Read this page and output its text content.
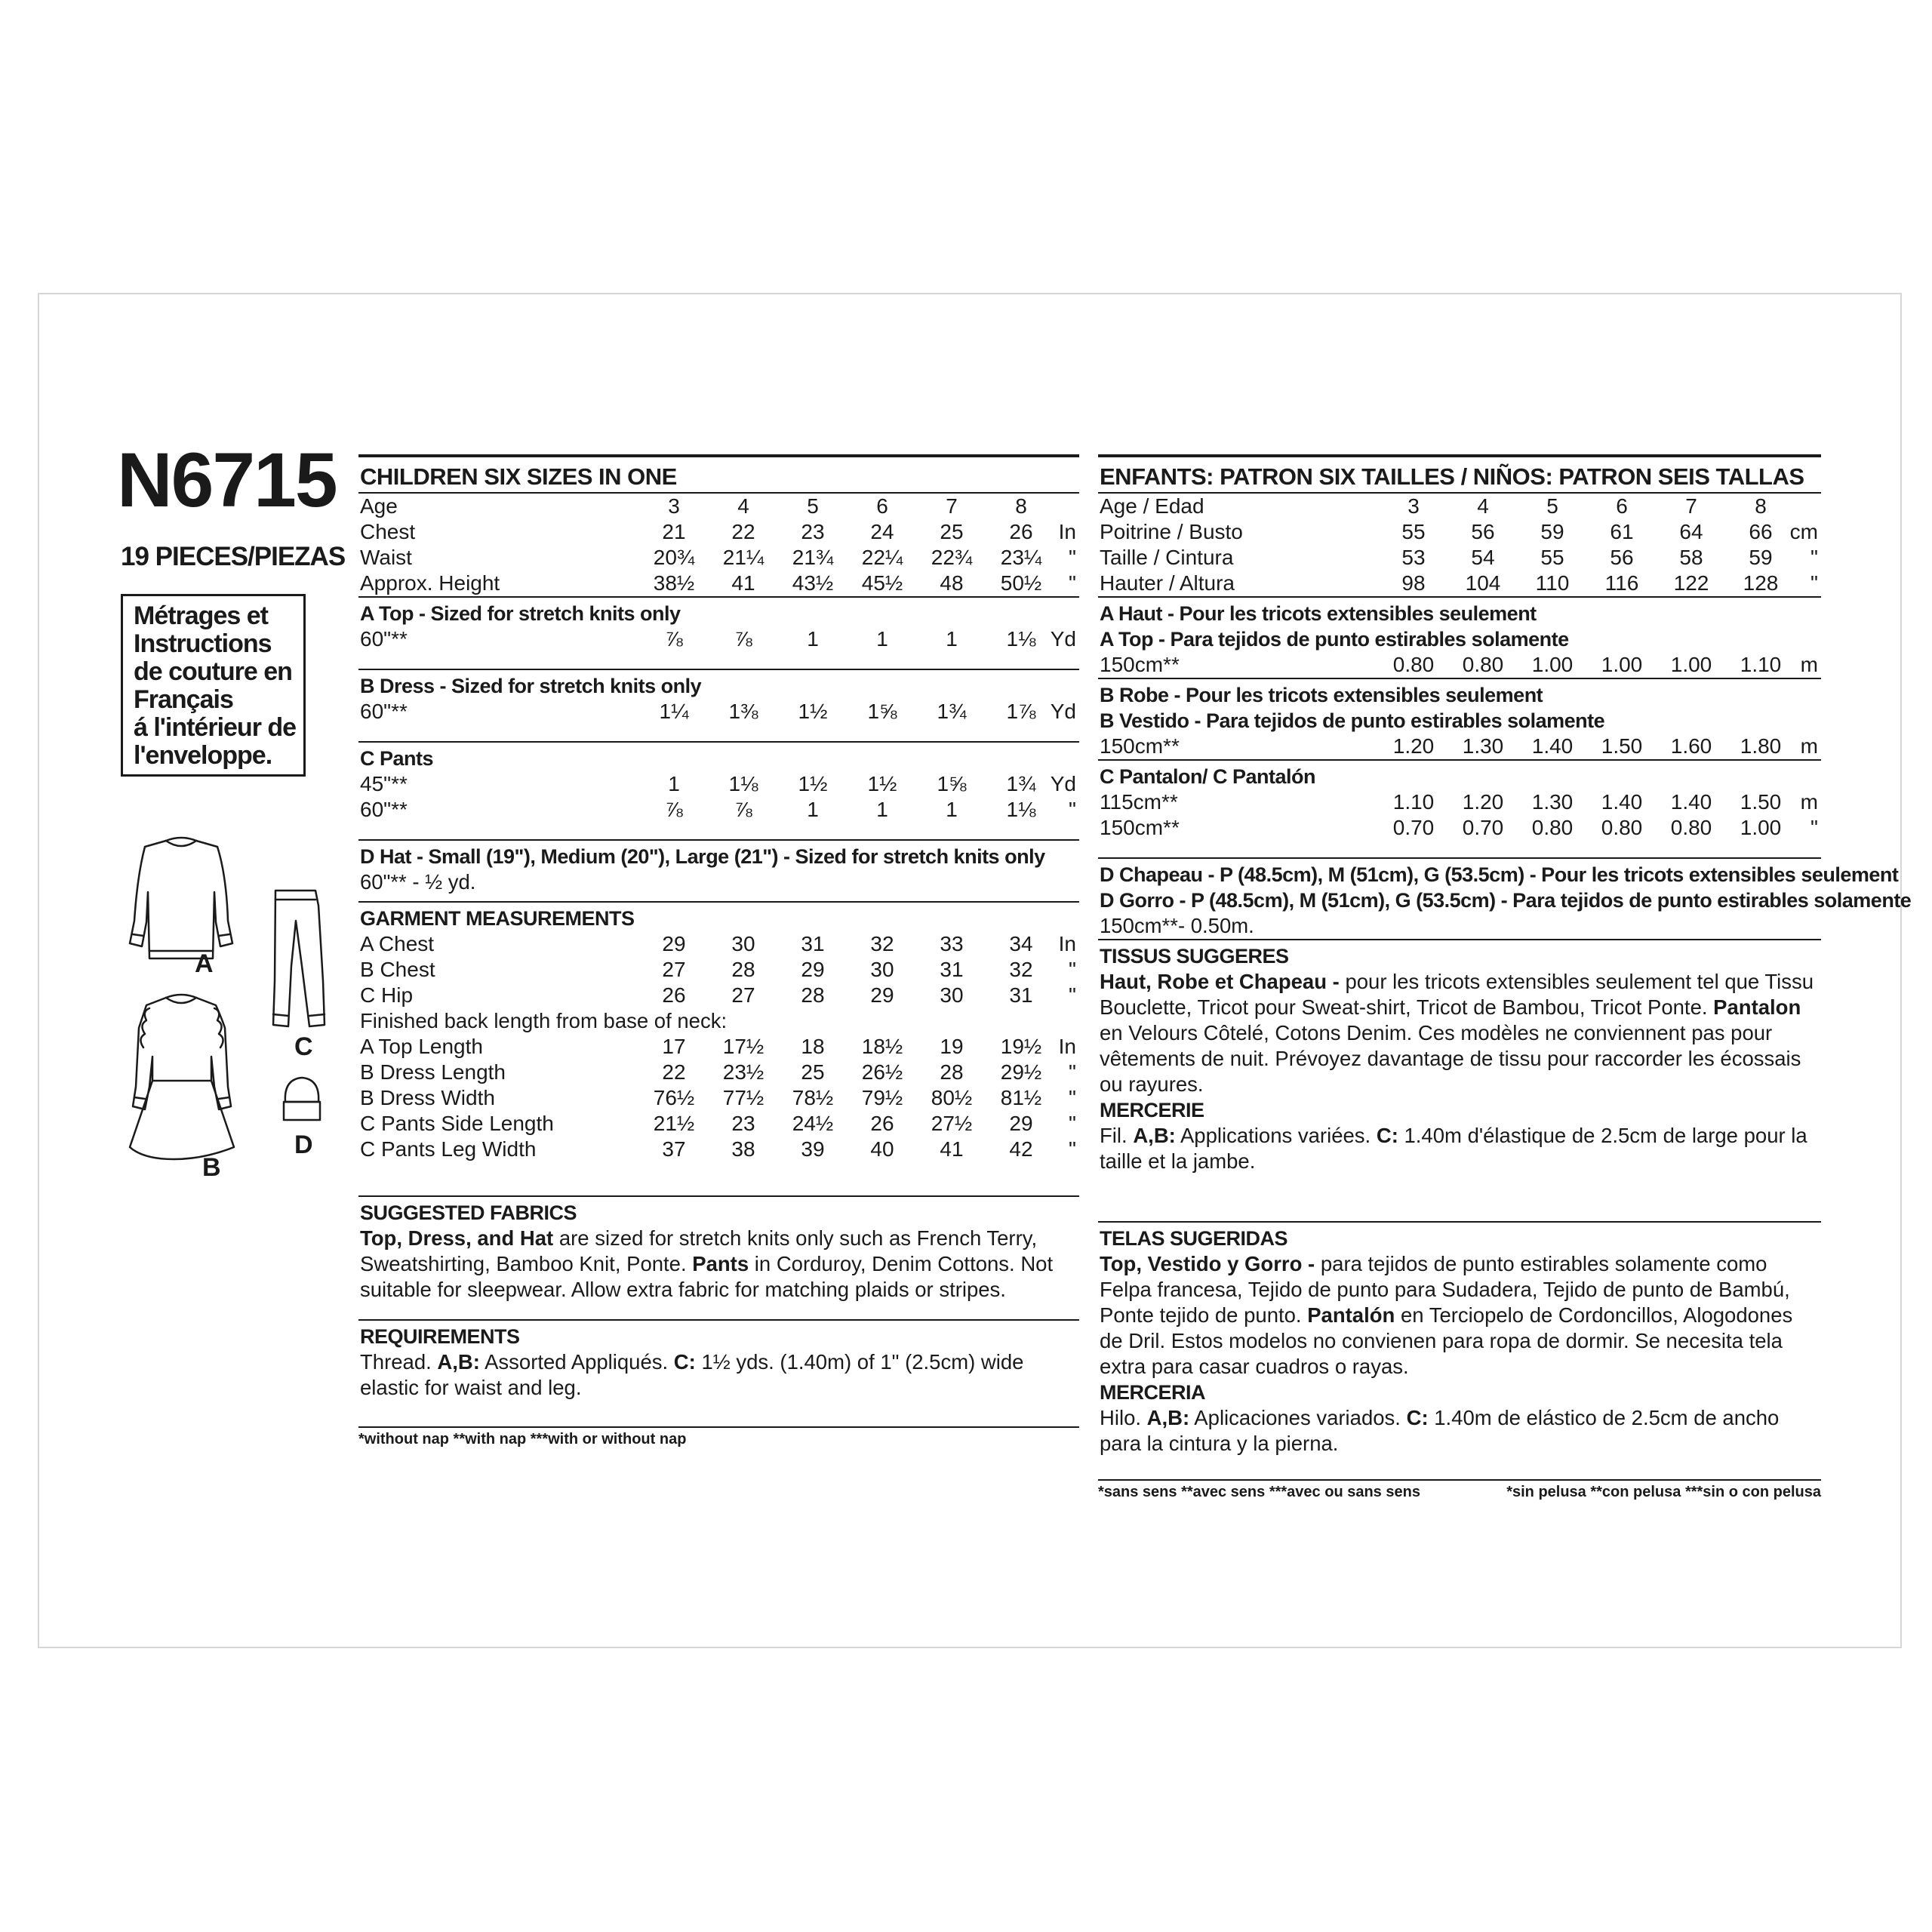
N6715
19 PIECES/PIEZAS
Métrages et
Instructions
de couture en
Français
á l'intérieur de
l'enveloppe.
A
C
B
D
CHILDREN SIX SIZES IN ONE
Age	3	4	5	6	7	8
Chest	21	22	23	24	25	26	In
Waist	20¾ 21¼ 21¾ 22¼ 22¾ 23¼ "
Approx. Height	38½	41	43½ 45½	48	50½ "
A Top - Sized for stretch knits only
60"**	⅞	⅞	1	1	1	1⅛ Yd
B Dress - Sized for stretch knits only
60"**	1¼	1⅜	1½	1⅝	1¾	1⅞ Yd
C Pants
45"**	1	1⅛	1½	1½	1⅝	1¾ Yd
60"**	⅞	⅞	1	1	1	1⅛	"
D Hat - Small (19"), Medium (20"), Large (21") - Sized for stretch knits only
60"** - ½ yd.
GARMENT MEASUREMENTS
A Chest	29	30	31	32	33	34	In
B Chest	27	28	29	30	31	32	"
C Hip	26	27	28	29	30	31	"
Finished back length from base of neck:
A Top Length	17	17½	18	18½	19	19½ In
B Dress Length	22	23½	25	26½	28	29½ "
B Dress Width	76½ 77½ 78½ 79½ 80½ 81½ "
C Pants Side Length	21½	23	24½	26	27½	29	"
C Pants Leg Width	37	38	39	40	41	42	"
SUGGESTED FABRICS
Top, Dress, and Hat are sized for stretch knits only such as French Terry, Sweatshirting, Bamboo Knit, Ponte. Pants in Corduroy, Denim Cottons. Not suitable for sleepwear. Allow extra fabric for matching plaids or stripes.
REQUIREMENTS
Thread. A,B: Assorted Appliqués. C: 1½ yds. (1.40m) of 1" (2.5cm) wide elastic for waist and leg.
*without nap **with nap ***with or without nap
ENFANTS: PATRON SIX TAILLES / NIÑOS: PATRON SEIS TALLAS
Age / Edad	3	4	5	6	7	8
Poitrine / Busto	55	56	59	61	64	66 cm
Taille / Cintura	53	54	55	56	58	59	"
Hauter / Altura	98	104 110 116 122 128 "
A Haut - Pour les tricots extensibles seulement
A Top - Para tejidos de punto estirables solamente
150cm**	0.80 0.80 1.00 1.00 1.00 1.10 m
B Robe - Pour les tricots extensibles seulement
B Vestido - Para tejidos de punto estirables solamente
150cm**	1.20 1.30 1.40 1.50 1.60 1.80 m
C Pantalon/ C Pantalón
115cm**	1.10 1.20 1.30 1.40 1.40 1.50 m
150cm**	0.70 0.70 0.80 0.80 0.80 1.00 "
D Chapeau - P (48.5cm), M (51cm), G (53.5cm) - Pour les tricots extensibles seulement
D Gorro - P (48.5cm), M (51cm), G (53.5cm) - Para tejidos de punto estirables solamente
150cm**- 0.50m.
TISSUS SUGGERES
Haut, Robe et Chapeau - pour les tricots extensibles seulement tel que Tissu Bouclette, Tricot pour Sweat-shirt, Tricot de Bambou, Tricot Ponte. Pantalon en Velours Côtelé, Cotons Denim. Ces modèles ne conviennent pas pour vêtements de nuit. Prévoyez davantage de tissu pour raccorder les écossais ou rayures.
MERCERIE
Fil. A,B: Applications variées. C: 1.40m d'élastique de 2.5cm de large pour la taille et la jambe.
TELAS SUGERIDAS
Top, Vestido y Gorro - para tejidos de punto estirables solamente como Felpa francesa, Tejido de punto para Sudadera, Tejido de punto de Bambú, Ponte tejido de punto. Pantalón en Terciopelo de Cordoncillos, Alogodones de Dril. Estos modelos no convienen para ropa de dormir. Se necesita tela extra para casar cuadros o rayas.
MERCERIA
Hilo. A,B: Aplicaciones variados. C: 1.40m de elástico de 2.5cm de ancho para la cintura y la pierna.
*sans sens **avec sens ***avec ou sans sens	*sin pelusa **con pelusa ***sin o con pelusa
